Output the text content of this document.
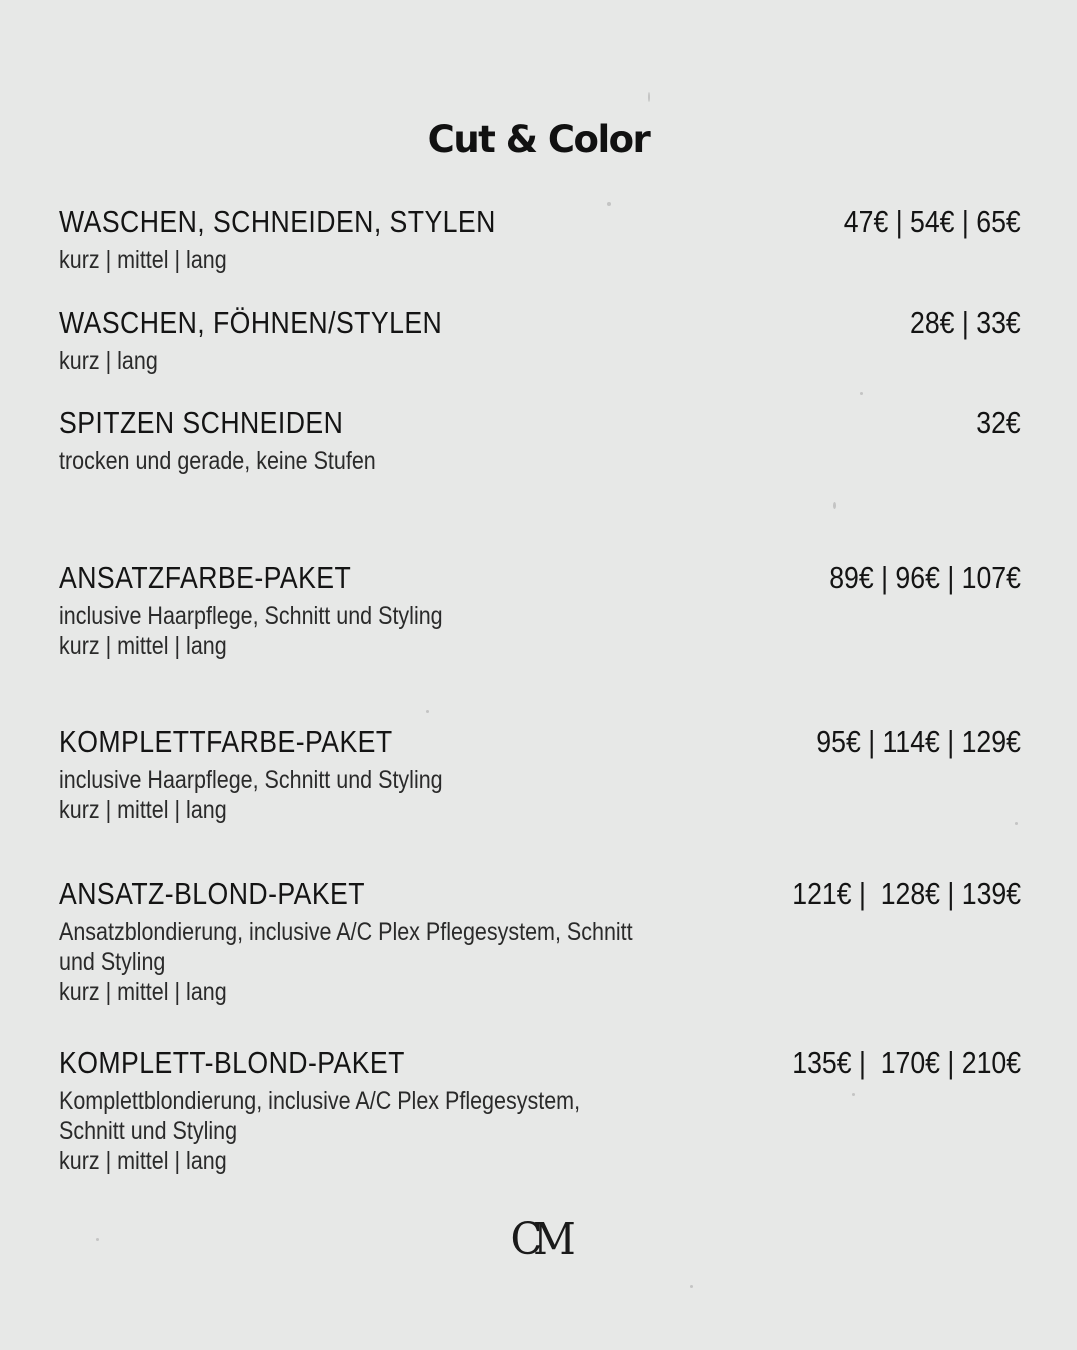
Cut & Color
WASCHEN, SCHNEIDEN, STYLEN	47€ | 54€ | 65€
kurz | mittel | lang
WASCHEN, FÖHNEN/STYLEN	28€ | 33€
kurz | lang
SPITZEN SCHNEIDEN	32€
trocken und gerade, keine Stufen
ANSATZFARBE-PAKET	89€ | 96€ | 107€
inclusive Haarpflege, Schnitt und Styling
kurz | mittel | lang
KOMPLETTFARBE-PAKET	95€ | 114€ | 129€
inclusive Haarpflege, Schnitt und Styling
kurz | mittel | lang
ANSATZ-BLOND-PAKET	121€ |  128€ | 139€
Ansatzblondierung, inclusive A/C Plex Pflegesystem, Schnitt
und Styling
kurz | mittel | lang
KOMPLETT-BLOND-PAKET	135€ |  170€ | 210€
Komplettblondierung, inclusive A/C Plex Pflegesystem,
Schnitt und Styling
kurz | mittel | lang
CM
